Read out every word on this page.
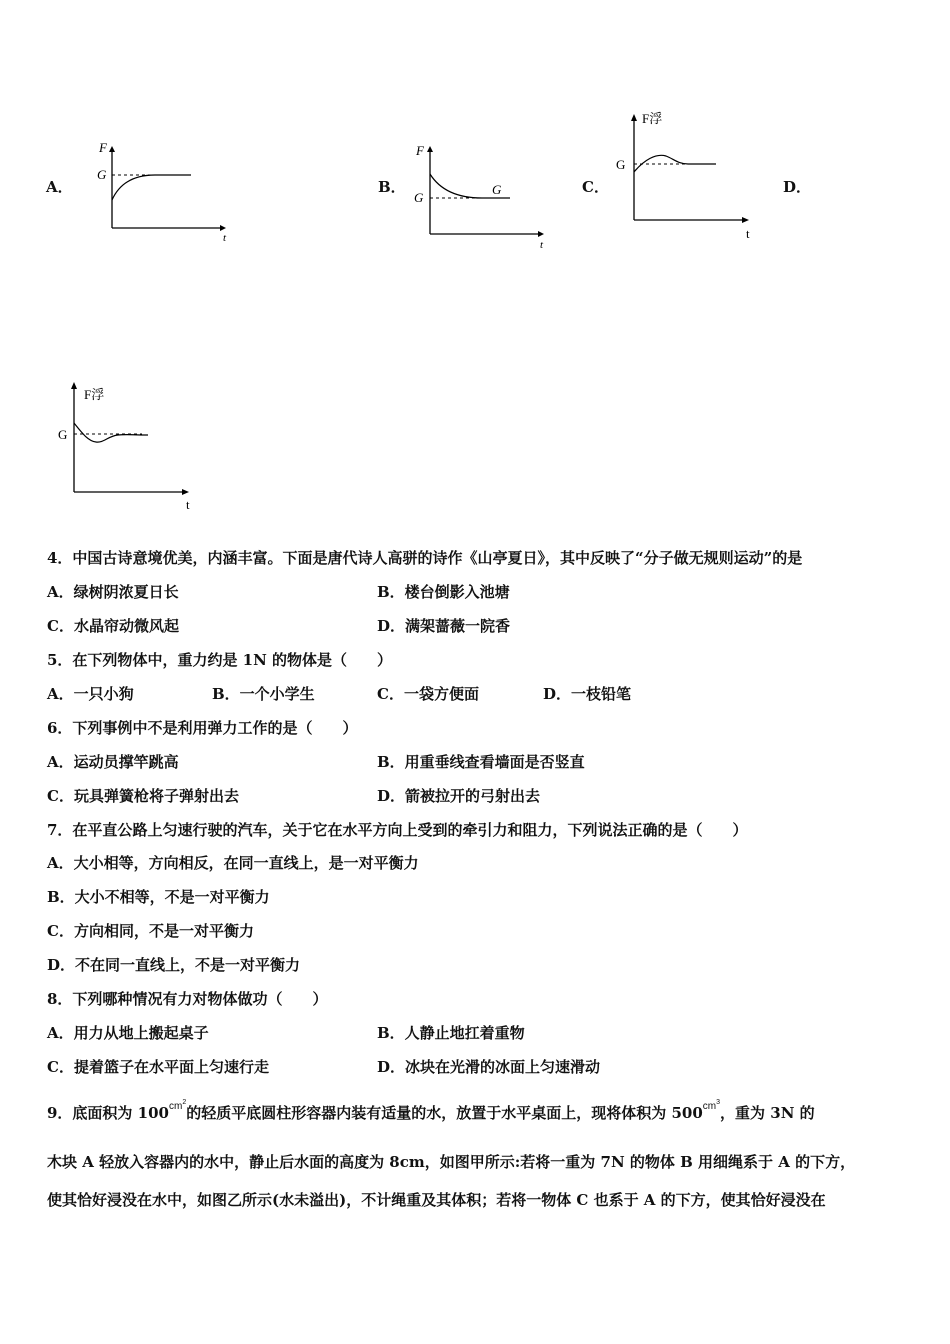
A．
F
G
t
B．
F
G
G
t
C．
F浮
G
t
D．
F浮
G
t
4．中国古诗意境优美，内涵丰富。下面是唐代诗人高骈的诗作《山亭夏日》，其中反映了“分子做无规则运动”的是
A．绿树阴浓夏日长	B．楼台倒影入池塘
C．水晶帘动微风起	D．满架蔷薇一院香
5．在下列物体中，重力约是 1N 的物体是（　　）
A．一只小狗	B．一个小学生	C．一袋方便面	D．一枝铅笔
6．下列事例中不是利用弹力工作的是（　　）
A．运动员撑竿跳高	B．用重垂线查看墙面是否竖直
C．玩具弹簧枪将子弹射出去	D．箭被拉开的弓射出去
7．在平直公路上匀速行驶的汽车，关于它在水平方向上受到的牵引力和阻力，下列说法正确的是（　　）
A．大小相等，方向相反，在同一直线上，是一对平衡力
B．大小不相等，不是一对平衡力
C．方向相同，不是一对平衡力
D．不在同一直线上，不是一对平衡力
8．下列哪种情况有力对物体做功（　　）
A．用力从地上搬起桌子	B．人静止地扛着重物
C．提着篮子在水平面上匀速行走	D．冰块在光滑的冰面上匀速滑动
9．底面积为 $100^{cm^2}$的轻质平底圆柱形容器内装有适量的水，放置于水平桌面上，现将体积为 $500^{cm^3}$，重为 3N 的
木块 A 轻放入容器内的水中，静止后水面的高度为 8cm，如图甲所示:若将一重为 7N 的物体 B 用细绳系于 A 的下方，
使其恰好浸没在水中，如图乙所示(水未溢出)，不计绳重及其体积；若将一物体 C 也系于 A 的下方，使其恰好浸没在
